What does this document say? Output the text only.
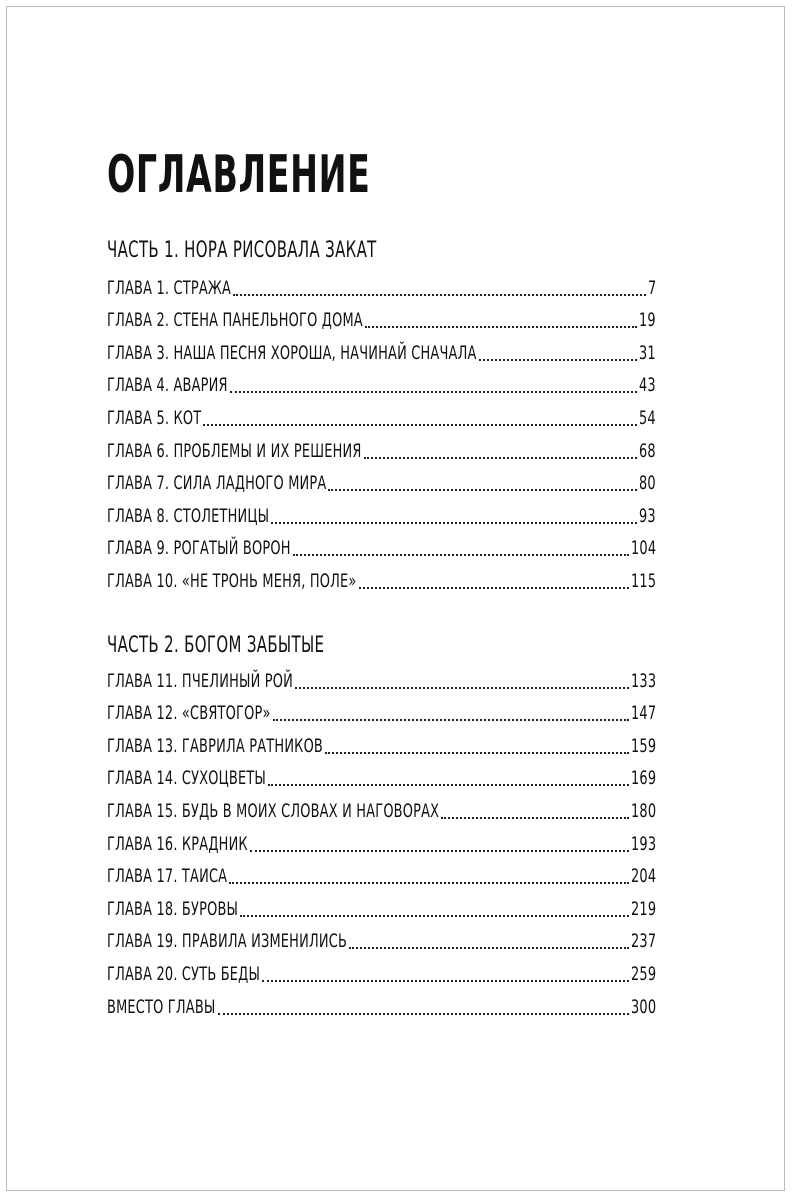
ОГЛАВЛЕНИЕ
ЧАСТЬ 1. НОРА РИСОВАЛА ЗАКАТ
ГЛАВА 1. СТРАЖА	7
ГЛАВА 2. СТЕНА ПАНЕЛЬНОГО ДОМА	19
ГЛАВА 3. НАША ПЕСНЯ ХОРОША, НАЧИНАЙ СНАЧАЛА	31
ГЛАВА 4. АВАРИЯ	43
ГЛАВА 5. КОТ	54
ГЛАВА 6. ПРОБЛЕМЫ И ИХ РЕШЕНИЯ	68
ГЛАВА 7. СИЛА ЛАДНОГО МИРА	80
ГЛАВА 8. СТОЛЕТНИЦЫ	93
ГЛАВА 9. РОГАТЫЙ ВОРОН	104
ГЛАВА 10. «НЕ ТРОНЬ МЕНЯ, ПОЛЕ»	115
ЧАСТЬ 2. БОГОМ ЗАБЫТЫЕ
ГЛАВА 11. ПЧЕЛИНЫЙ РОЙ	133
ГЛАВА 12. «СВЯТОГОР»	147
ГЛАВА 13. ГАВРИЛА РАТНИКОВ	159
ГЛАВА 14. СУХОЦВЕТЫ	169
ГЛАВА 15. БУДЬ В МОИХ СЛОВАХ И НАГОВОРАХ	180
ГЛАВА 16. КРАДНИК	193
ГЛАВА 17. ТАИСА	204
ГЛАВА 18. БУРОВЫ	219
ГЛАВА 19. ПРАВИЛА ИЗМЕНИЛИСЬ	237
ГЛАВА 20. СУТЬ БЕДЫ	259
ВМЕСТО ГЛАВЫ	300
